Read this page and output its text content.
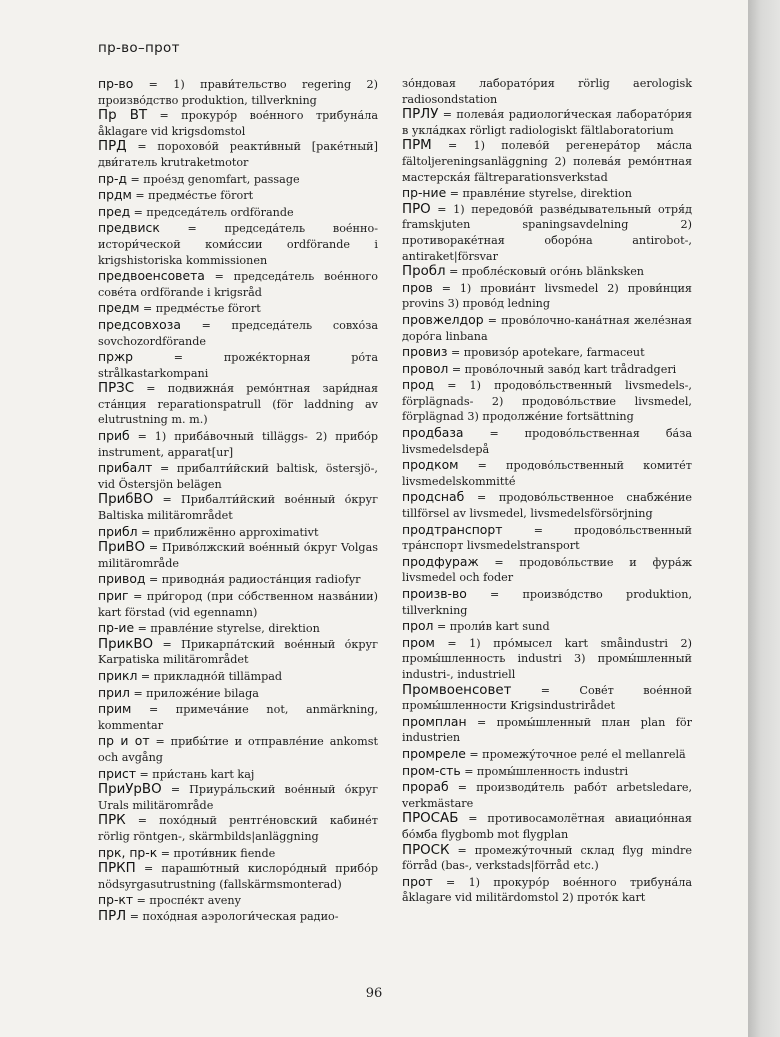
пр-во–прот

пр-во = 1) прави́тельство regering 2) произво́дство produktion, tillverkning

Пр ВТ = прокуро́р вое́нного трибуна́ла åklagare vid krigsdomstol

ПРД = порохово́й реакти́вный [раке́тный] дви́гатель krutraketmotor

пр-д = прое́зд genomfart, passage

прдм = предме́стье förort

пред = председа́тель ordförande

предвиск = председа́тель вое́нно-истори́ческой коми́ссии ordförande i krigshistoriska kommissionen

предвоенсовета = председа́тель вое́нного сове́та ordförande i krigsråd

предм = предме́стье förort

предсовхоза = председа́тель совхо́за sovchozordförande

пржр = проже́кторная ро́та strålkastarkompani

ПРЗС = подвижна́я ремо́нтная зари́дная ста́нция reparationspatrull (för laddning av elutrustning m. m.)

приб = 1) приба́вочный tilläggs- 2) прибо́р instrument, apparat[ur]

прибалт = прибалти́йский baltisk, östersjö-, vid Östersjön belägen

ПрибВО = Прибалти́йский вое́нный о́круг Baltiska militärområdet

прибл = приближённо approximativt

ПриВО = Приво́лжский вое́нный о́круг Volgas militärområde

привод = приводна́я радиоста́нция radiofyr

приг = при́город (при со́бственном назва́нии) kart förstad (vid egennamn)

пр-ие = правле́ние styrelse, direktion

ПрикВО = Прикарпа́тский вое́нный о́круг Karpatiska militärområdet

прикл = прикладно́й tillämpad

прил = приложе́ние bilaga

прим = примеча́ние not, anmärkning, kommentar

пр и от = прибы́тие и отправле́ние ankomst och avgång

прист = при́стань kart kaj

ПриУрВО = Приура́льский вое́нный о́круг Urals militärområde

ПРК = похо́дный рентге́новский кабине́т rörlig röntgen-, skärmbilds|anläggning

прк, пр-к = проти́вник fiende

ПРКП = парашю́тный кислоро́дный прибо́р nödsyrgasutrustning (fallskärmsmonterad)

пр-кт = проспе́кт aveny

ПРЛ = похо́дная аэрологи́ческая радио-

зо́ндовая лаборато́рия rörlig aerologisk radiosondstation

ПРЛУ = полева́я радиологи́ческая лаборато́рия в укла́дках rörligt radiologiskt fältlaboratorium

ПРМ = 1) полево́й регенера́тор ма́сла fältoljereningsanläggning 2) полева́я ремо́нтная мастерска́я fältreparationsverkstad

пр-ние = правле́ние styrelse, direktion

ПРО = 1) передово́й разве́дывательный отря́д framskjuten spaningsavdelning 2) противораке́тная оборо́на antirobot-, antiraket|försvar

Пробл = пробле́сковый ого́нь blänksken

пров = 1) провиа́нт livsmedel 2) прови́нция provins 3) прово́д ledning

провжелдор = прово́лочно-кана́тная желе́зная доро́га linbana

провиз = провизо́р apotekare, farmaceut

провол = прово́лочный заво́д kart trådradgeri

прод = 1) продово́льственный livsmedels-, förplägnads- 2) продово́льствие livsmedel, förplägnad 3) продолже́ние fortsättning

продбаза = продово́льственная ба́за livsmedelsdepå

продком = продово́льственный комите́т livsmedelskommitté

продснаб = продово́льственное снабже́ние tillförsel av livsmedel, livsmedelsförsörjning

продтранспорт = продово́льственный тра́нспорт livsmedelstransport

продфураж = продово́льствие и фура́ж livsmedel och foder

произв-во = произво́дство produktion, tillverkning

прол = проли́в kart sund

пром = 1) про́мысел kart småindustri 2) промы́шленность industri 3) промы́шленный industri-, industriell

Промвоенсовет = Сове́т вое́нной промы́шленности Krigsindustrirådet

промплан = промы́шленный план plan för industrien

промреле = промежу́точное реле́ el mellanrelä

пром-сть = промы́шленность industri

прораб = производи́тель рабо́т arbetsledare, verkmästare

ПРОСАБ = противосамолётная авиацио́нная бо́мба flygbomb mot flygplan

ПРОСК = промежу́точный склад flyg mindre förråd (bas-, verkstads|förråd etc.)

прот = 1) прокуро́р вое́нного трибуна́ла åklagare vid militärdomstol 2) прото́к kart

96
